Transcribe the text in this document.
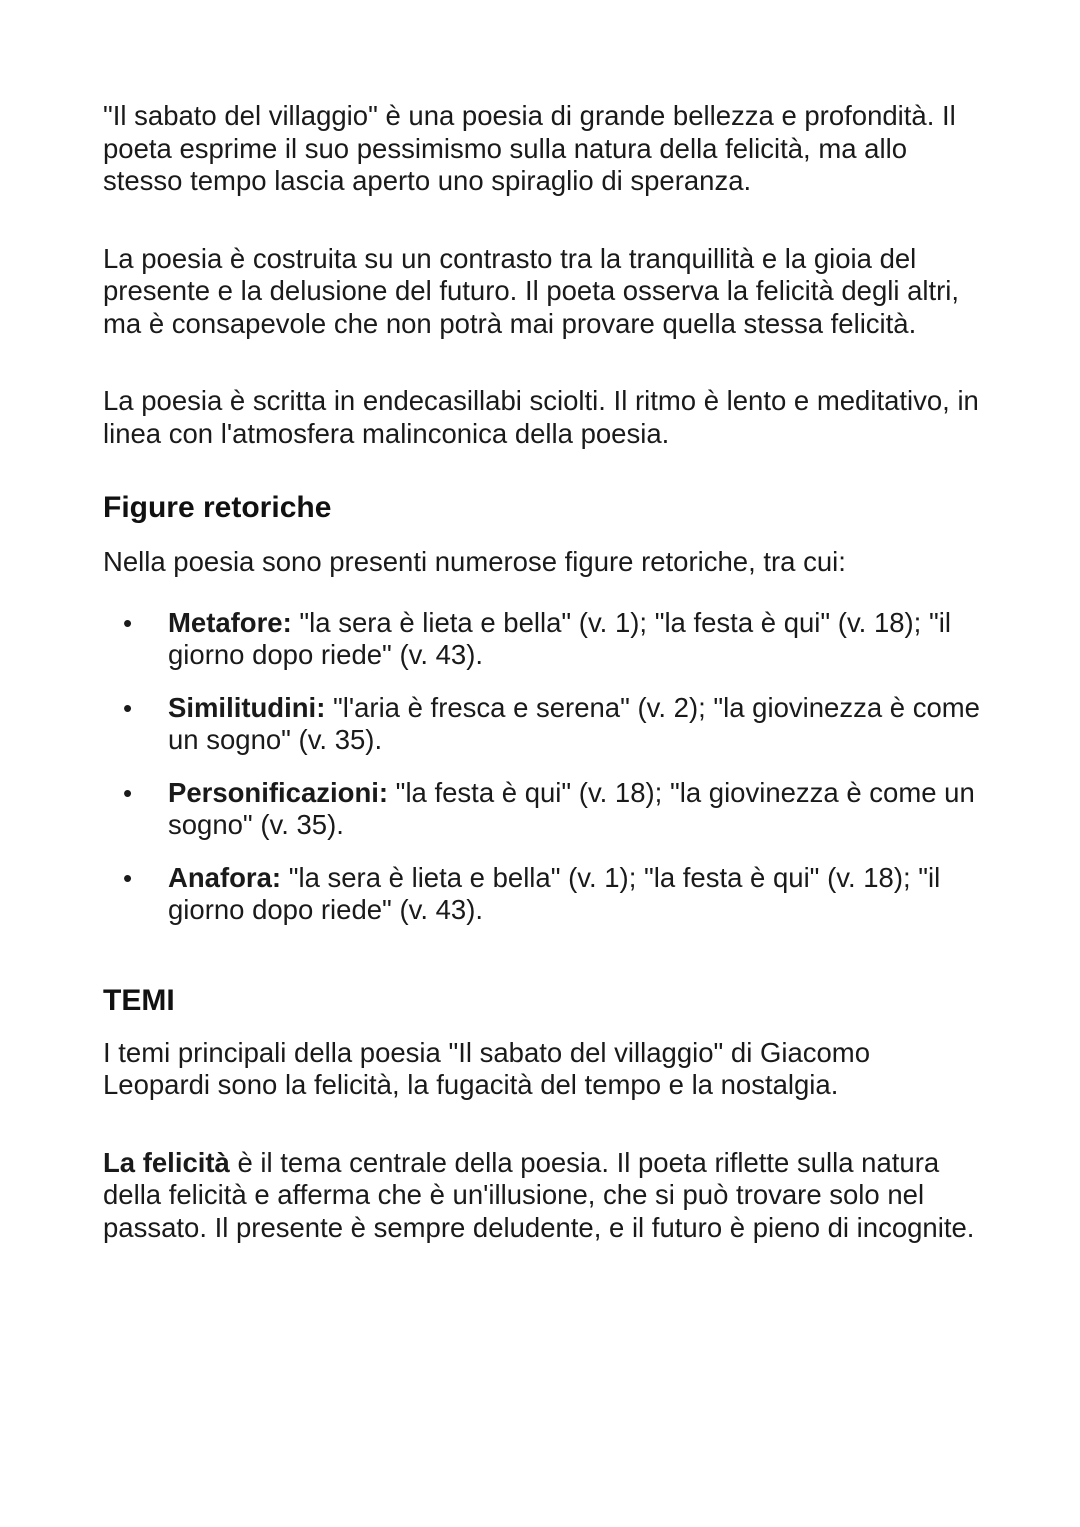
"Il sabato del villaggio" è una poesia di grande bellezza e profondità. Il poeta esprime il suo pessimismo sulla natura della felicità, ma allo stesso tempo lascia aperto uno spiraglio di speranza.

La poesia è costruita su un contrasto tra la tranquillità e la gioia del presente e la delusione del futuro. Il poeta osserva la felicità degli altri, ma è consapevole che non potrà mai provare quella stessa felicità.

La poesia è scritta in endecasillabi sciolti. Il ritmo è lento e meditativo, in linea con l'atmosfera malinconica della poesia.

Figure retoriche

Nella poesia sono presenti numerose figure retoriche, tra cui:

• Metafore: "la sera è lieta e bella" (v. 1); "la festa è qui" (v. 18); "il giorno dopo riede" (v. 43).
• Similitudini: "l'aria è fresca e serena" (v. 2); "la giovinezza è come un sogno" (v. 35).
• Personificazioni: "la festa è qui" (v. 18); "la giovinezza è come un sogno" (v. 35).
• Anafora: "la sera è lieta e bella" (v. 1); "la festa è qui" (v. 18); "il giorno dopo riede" (v. 43).
TEMI

I temi principali della poesia "Il sabato del villaggio" di Giacomo Leopardi sono la felicità, la fugacità del tempo e la nostalgia.

La felicità è il tema centrale della poesia. Il poeta riflette sulla natura della felicità e afferma che è un'illusione, che si può trovare solo nel passato. Il presente è sempre deludente, e il futuro è pieno di incognite.
